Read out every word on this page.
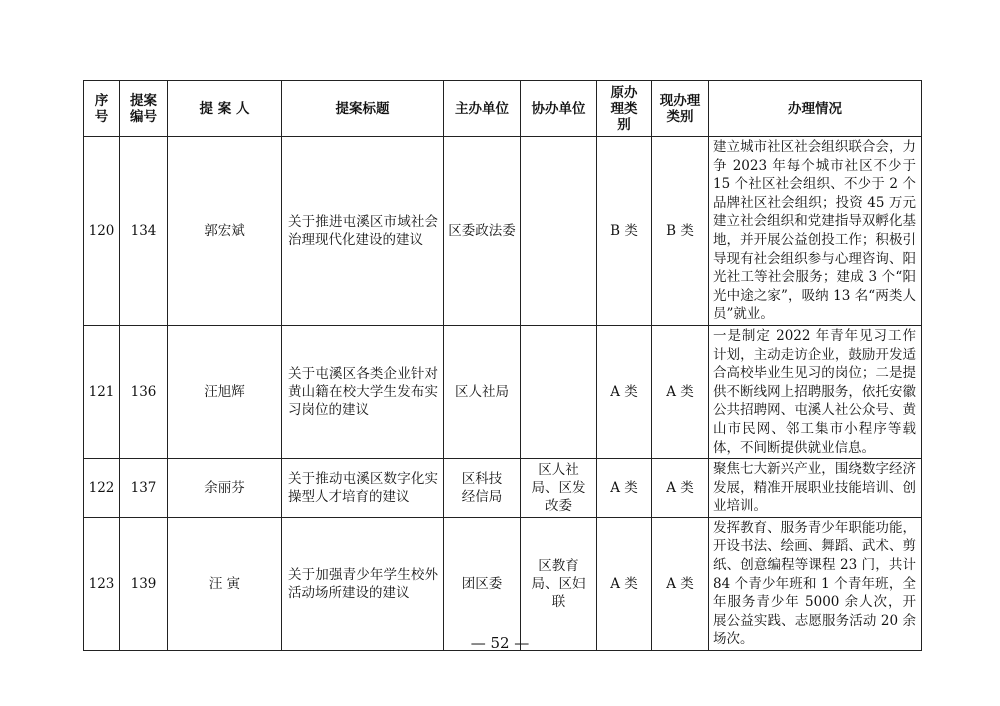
序号	提案编号	提 案 人	提案标题	主办单位	协办单位	原办理类别	现办理类别	办理情况
120	134	郭宏斌	关于推进屯溪区市域社会治理现代化建设的建议	区委政法委		B 类	B 类	建立城市社区社会组织联合会，力争 2023 年每个城市社区不少于 15 个社区社会组织、不少于 2 个品牌社区社会组织；投资 45 万元建立社会组织和党建指导双孵化基地，并开展公益创投工作；积极引导现有社会组织参与心理咨询、阳光社工等社会服务；建成 3 个“阳光中途之家”，吸纳 13 名“两类人员”就业。
121	136	汪旭辉	关于屯溪区各类企业针对黄山籍在校大学生发布实习岗位的建议	区人社局		A 类	A 类	一是制定 2022 年青年见习工作计划，主动走访企业，鼓励开发适合高校毕业生见习的岗位；二是提供不断线网上招聘服务，依托安徽公共招聘网、屯溪人社公众号、黄山市民网、邻工集市小程序等载体，不间断提供就业信息。
122	137	余丽芬	关于推动屯溪区数字化实操型人才培育的建议	区科技经信局	区人社局、区发改委	A 类	A 类	聚焦七大新兴产业，围绕数字经济发展，精准开展职业技能培训、创业培训。
123	139	汪 寅	关于加强青少年学生校外活动场所建设的建议	团区委	区教育局、区妇联	A 类	A 类	发挥教育、服务青少年职能功能，开设书法、绘画、舞蹈、武术、剪纸、创意编程等课程 23 门，共计 84 个青少年班和 1 个青年班，全年服务青少年 5000 余人次，开展公益实践、志愿服务活动 20 余场次。
— 52 —
